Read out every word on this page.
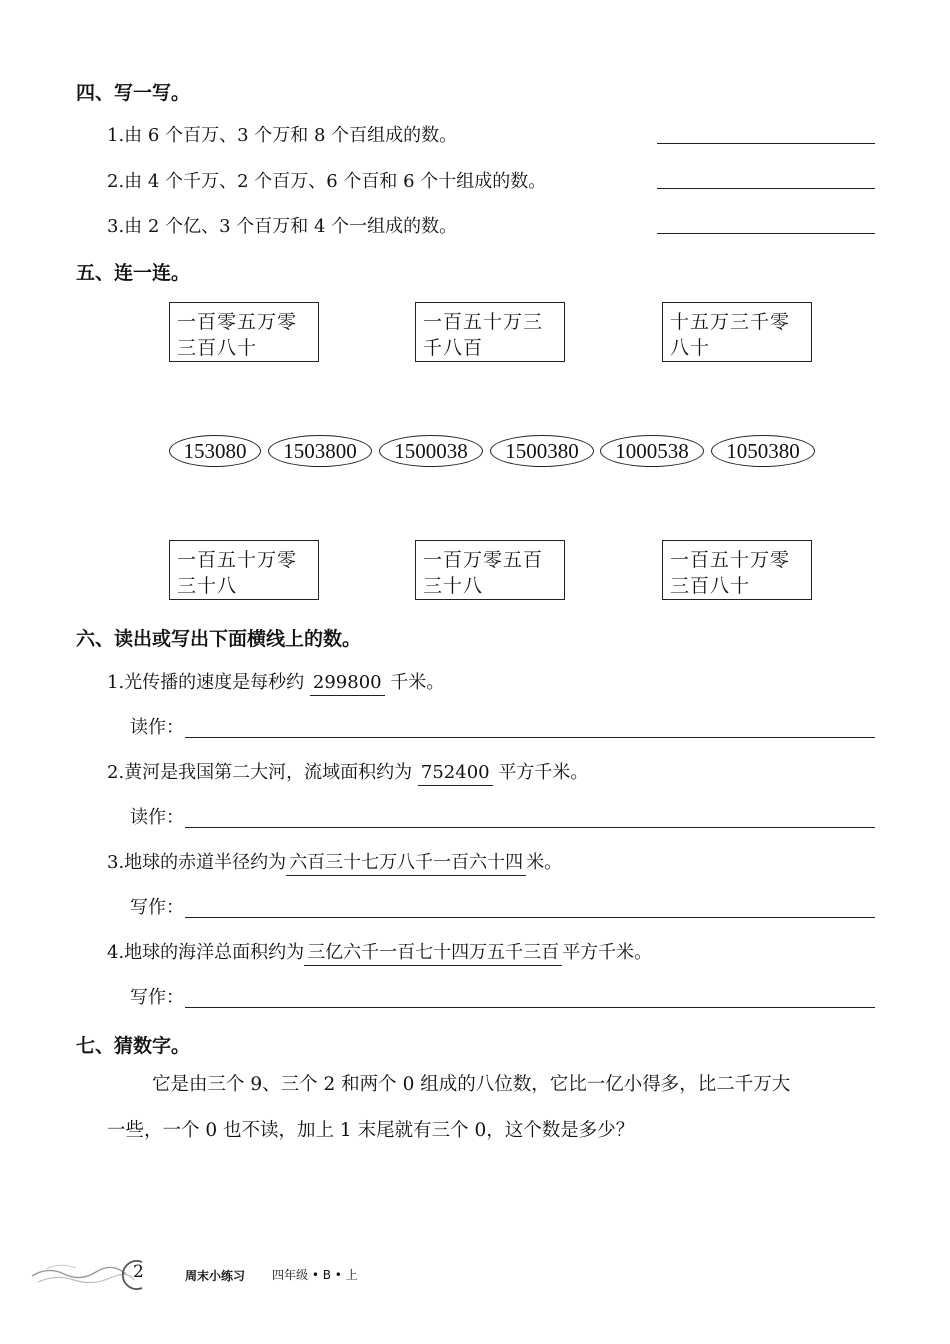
四、写一写。
1.由 6 个百万、3 个万和 8 个百组成的数。
2.由 4 个千万、2 个百万、6 个百和 6 个十组成的数。
3.由 2 个亿、3 个百万和 4 个一组成的数。
五、连一连。
一百零五万零
三百八十
一百五十万三
千八百
十五万三千零
八十
153080	1503800	1500038	1500380	1000538	1050380
一百五十万零
三十八
一百万零五百
三十八
一百五十万零
三百八十
六、读出或写出下面横线上的数。
1.光传播的速度是每秒约 299800 千米。
读作：
2.黄河是我国第二大河，流域面积约为 752400 平方千米。
读作：
3.地球的赤道半径约为 六百三十七万八千一百六十四 米。
写作：
4.地球的海洋总面积约为 三亿六千一百七十四万五千三百 平方千米。
写作：
七、猜数字。
它是由三个 9、三个 2 和两个 0 组成的八位数，它比一亿小得多，比二千万大
一些，一个 0 也不读，加上 1 末尾就有三个 0，这个数是多少？
2	周末小练习 四年级 • B • 上
